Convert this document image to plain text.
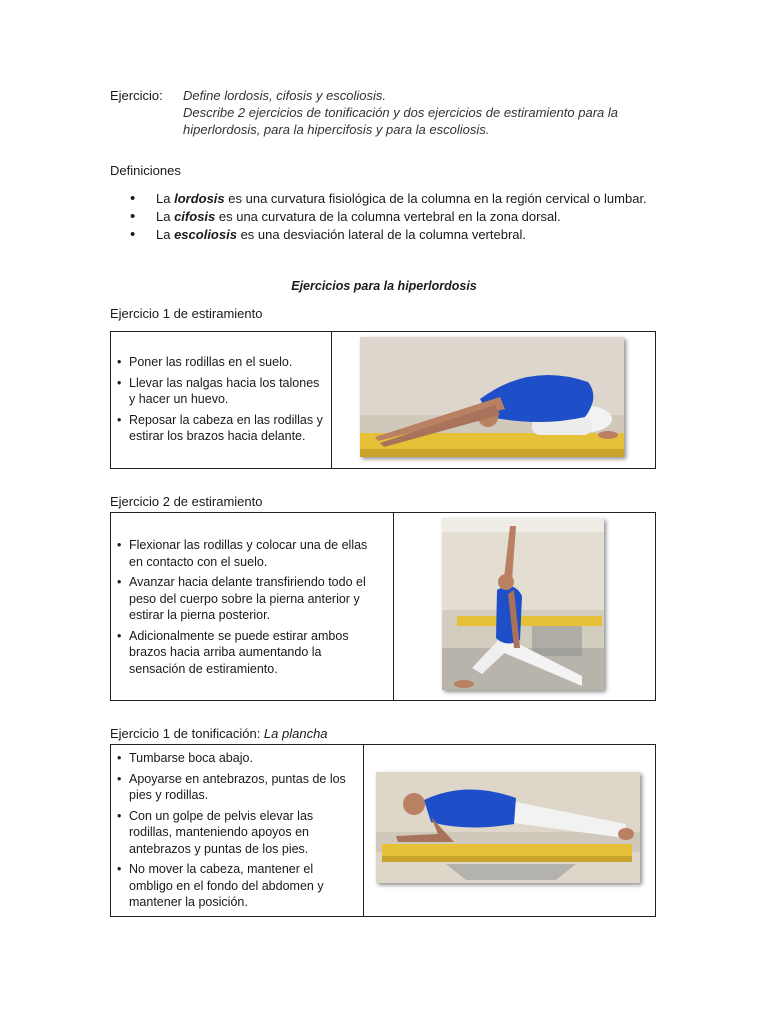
Ejercicio: Define lordosis, cifosis y escoliosis.
Describe 2 ejercicios de tonificación y dos ejercicios de estiramiento para la
hiperlordosis, para la hipercifosis y para la escoliosis.
Definiciones
• La lordosis es una curvatura fisiológica de la columna en la región cervical o lumbar.
• La cifosis es una curvatura de la columna vertebral en la zona dorsal.
• La escoliosis es una desviación lateral de la columna vertebral.
Ejercicios para la hiperlordosis
Ejercicio 1 de estiramiento
• Poner las rodillas en el suelo.
• Llevar las nalgas hacia los talones y hacer un huevo.
• Reposar la cabeza en las rodillas y estirar los brazos hacia delante.
Ejercicio 2 de estiramiento
• Flexionar las rodillas y colocar una de ellas en contacto con el suelo.
• Avanzar hacia delante transfiriendo todo el peso del cuerpo sobre la pierna anterior y estirar la pierna posterior.
• Adicionalmente se puede estirar ambos brazos hacia arriba aumentando la sensación de estiramiento.
Ejercicio 1 de tonificación: La plancha
• Tumbarse boca abajo.
• Apoyarse en antebrazos, puntas de los pies y rodillas.
• Con un golpe de pelvis elevar las rodillas, manteniendo apoyos en antebrazos y puntas de los pies.
• No mover la cabeza, mantener el ombligo en el fondo del abdomen y mantener la posición.
